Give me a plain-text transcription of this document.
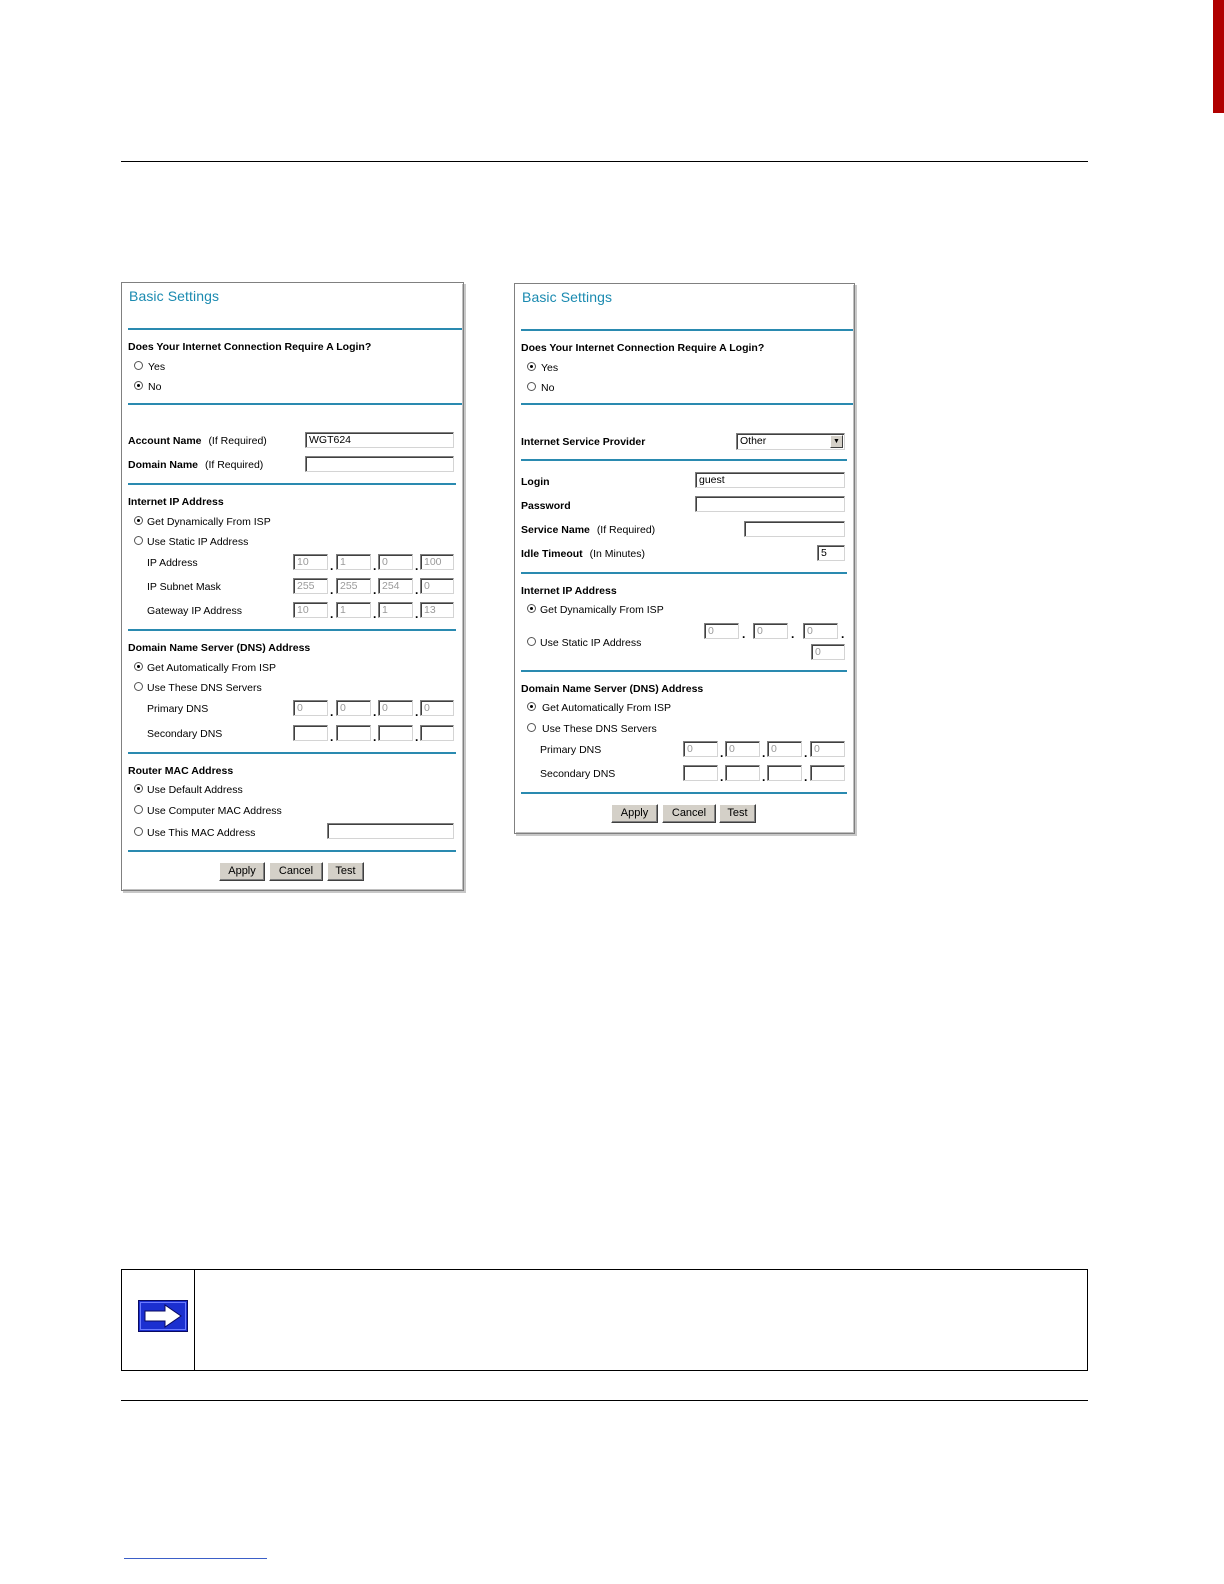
Basic Settings
Does Your Internet Connection Require A Login?
Yes
No
Account Name (If Required)	WGT624
Domain Name (If Required)
Internet IP Address
Get Dynamically From ISP
Use Static IP Address
IP Address	10	. 1	. 0	. 100
IP Subnet Mask	255	. 255	. 254	. 0
Gateway IP Address	10	. 1	. 1	. 13
Domain Name Server (DNS) Address
Get Automatically From ISP
Use These DNS Servers
Primary DNS	0	. 0	. 0	. 0
Secondary DNS	.	.	.
Router MAC Address
Use Default Address
Use Computer MAC Address
Use This MAC Address
Apply	Cancel	Test
Basic Settings
Does Your Internet Connection Require A Login?
Yes
No
Internet Service Provider	Other	▼
Login	guest
Password
Service Name (If Required)
Idle Timeout (In Minutes)	5
Internet IP Address
Get Dynamically From ISP
Use Static IP Address
0	.	0	.	0	.
0
Domain Name Server (DNS) Address
Get Automatically From ISP
Use These DNS Servers
Primary DNS	0	. 0	. 0	. 0
Secondary DNS	.	.	.
Apply	Cancel	Test
